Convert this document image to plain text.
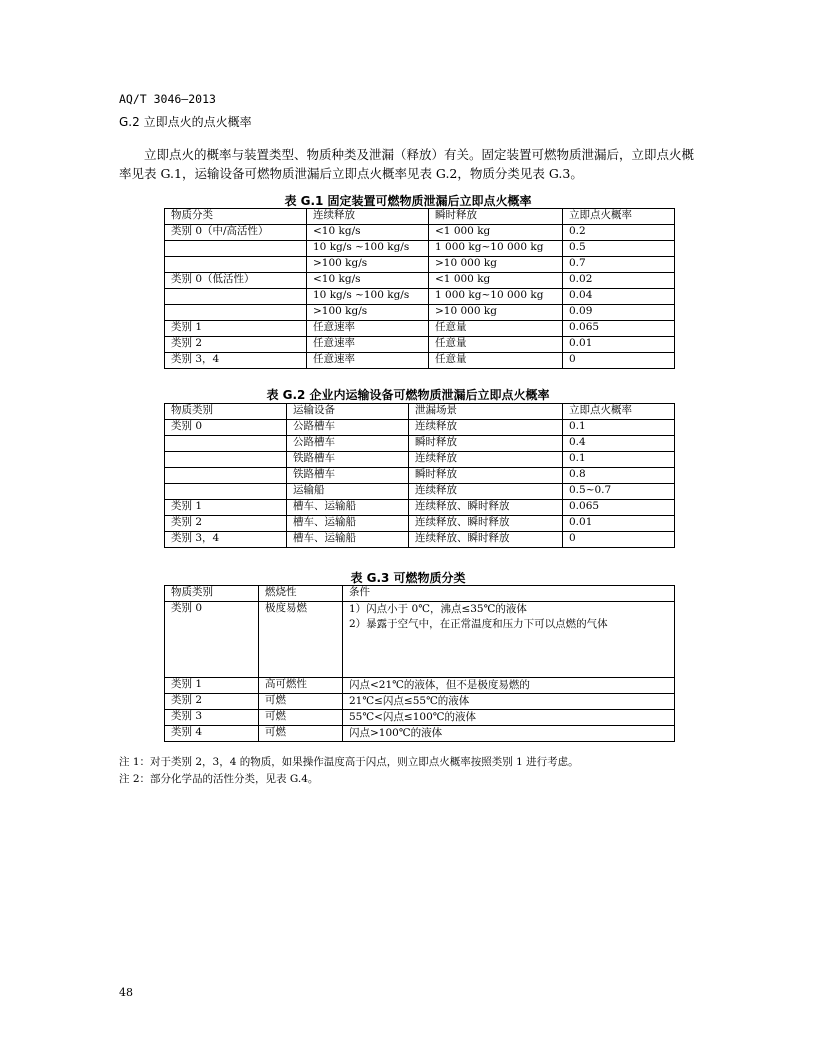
AQ/T 3046—2013
G.2 立即点火的点火概率
立即点火的概率与装置类型、物质种类及泄漏（释放）有关。固定装置可燃物质泄漏后，立即点火概
率见表 G.1，运输设备可燃物质泄漏后立即点火概率见表 G.2，物质分类见表 G.3。
表 G.1 固定装置可燃物质泄漏后立即点火概率
物质分类	连续释放	瞬时释放	立即点火概率
类别 0（中/高活性）	<10 kg/s	<1 000 kg	0.2
	10 kg/s ~100 kg/s	1 000 kg~10 000 kg	0.5
	>100 kg/s	>10 000 kg	0.7
类别 0（低活性）	<10 kg/s	<1 000 kg	0.02
	10 kg/s ~100 kg/s	1 000 kg~10 000 kg	0.04
	>100 kg/s	>10 000 kg	0.09
类别 1	任意速率	任意量	0.065
类别 2	任意速率	任意量	0.01
类别 3，4	任意速率	任意量	0
表 G.2 企业内运输设备可燃物质泄漏后立即点火概率
物质类别	运输设备	泄漏场景	立即点火概率
类别 0	公路槽车	连续释放	0.1
	公路槽车	瞬时释放	0.4
	铁路槽车	连续释放	0.1
	铁路槽车	瞬时释放	0.8
	运输船	连续释放	0.5~0.7
类别 1	槽车、运输船	连续释放、瞬时释放	0.065
类别 2	槽车、运输船	连续释放、瞬时释放	0.01
类别 3，4	槽车、运输船	连续释放、瞬时释放	0
表 G.3 可燃物质分类
物质类别	燃烧性	条件
类别 0	极度易燃	1）闪点小于 0℃，沸点≤35℃的液体
2）暴露于空气中，在正常温度和压力下可以点燃的气体

类别 1	高可燃性	闪点<21℃的液体，但不是极度易燃的

类别 2	可燃	21℃≤闪点≤55℃的液体

类别 3	可燃	55℃<闪点≤100℃的液体

类别 4	可燃	闪点>100℃的液体
注 1：对于类别 2，3，4 的物质，如果操作温度高于闪点，则立即点火概率按照类别 1 进行考虑。
注 2：部分化学品的活性分类，见表 G.4。
48
